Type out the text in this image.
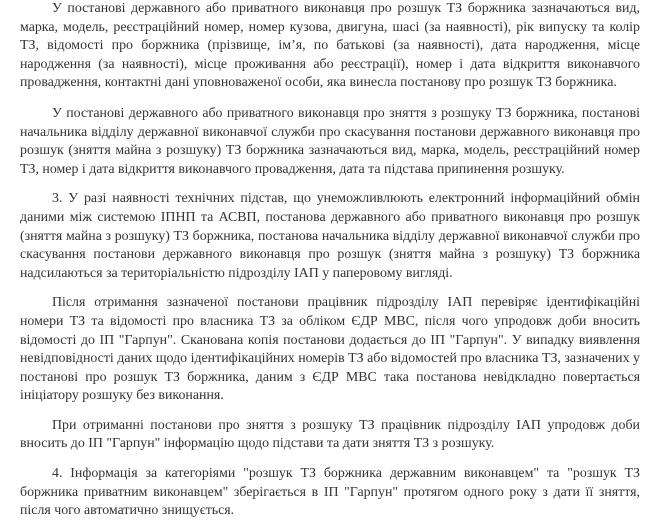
У постанові державного або приватного виконавця про розшук ТЗ боржника зазначаються вид, марка, модель, реєстраційний номер, номер кузова, двигуна, шасі (за наявності), рік випуску та колір ТЗ, відомості про боржника (прізвище, ім’я, по батькові (за наявності), дата народження, місце народження (за наявності), місце проживання або реєстрації), номер і дата відкриття виконавчого провадження, контактні дані уповноваженої особи, яка винесла постанову про розшук ТЗ боржника.

У постанові державного або приватного виконавця про зняття з розшуку ТЗ боржника, постанові начальника відділу державної виконавчої служби про скасування постанови державного виконавця про розшук (зняття майна з розшуку) ТЗ боржника зазначаються вид, марка, модель, реєстраційний номер ТЗ, номер і дата відкриття виконавчого провадження, дата та підстава припинення розшуку.

3. У разі наявності технічних підстав, що унеможливлюють електронний інформаційний обмін даними між системою ІПНП та АСВП, постанова державного або приватного виконавця про розшук (зняття майна з розшуку) ТЗ боржника, постанова начальника відділу державної виконавчої служби про скасування постанови державного виконавця про розшук (зняття майна з розшуку) ТЗ боржника надсилаються за територіальністю підрозділу ІАП у паперовому вигляді.

Після отримання зазначеної постанови працівник підрозділу ІАП перевіряє ідентифікаційні номери ТЗ та відомості про власника ТЗ за обліком ЄДР МВС, після чого упродовж доби вносить відомості до ІП "Гарпун". Сканована копія постанови додається до ІП "Гарпун". У випадку виявлення невідповідності даних щодо ідентифікаційних номерів ТЗ або відомостей про власника ТЗ, зазначених у постанові про розшук ТЗ боржника, даним з ЄДР МВС така постанова невідкладно повертається ініціатору розшуку без виконання.

При отриманні постанови про зняття з розшуку ТЗ працівник підрозділу ІАП упродовж доби вносить до ІП "Гарпун" інформацію щодо підстави та дати зняття ТЗ з розшуку.

4. Інформація за категоріями "розшук ТЗ боржника державним виконавцем" та "розшук ТЗ боржника приватним виконавцем" зберігається в ІП "Гарпун" протягом одного року з дати її зняття, після чого автоматично знищується.
